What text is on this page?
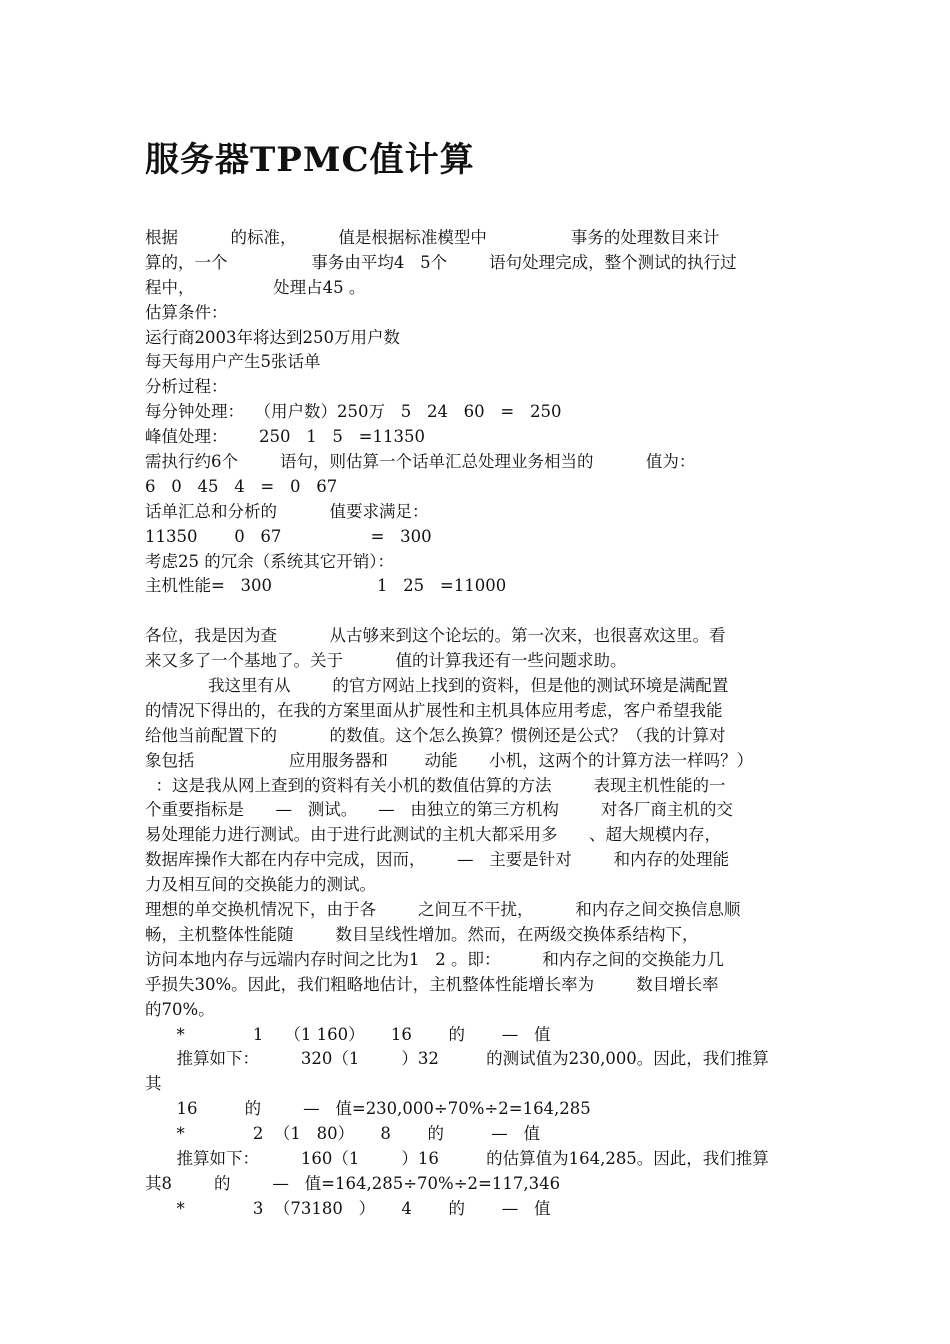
服务器TPMC值计算
根据          的标准，        值是根据标准模型中                事务的处理数目来计
算的，一个                事务由平均4   5个        语句处理完成，整个测试的执行过
程中，               处理占45 。
估算条件：
运行商2003年将达到250万用户数
每天每用户产生5张话单
分析过程：
每分钟处理：  （用户数）250万   5   24   60   =   250
峰值处理：      250   1   5   =11350
需执行约6个        语句，则估算一个话单汇总处理业务相当的          值为：
6   0   45   4   =   0   67
话单汇总和分析的          值要求满足：
11350       0   67                 =   300
考虑25 的冗余（系统其它开销）：
主机性能=   300                    1   25   =11000
各位，我是因为查          从古够来到这个论坛的。第一次来，也很喜欢这里。看
来又多了一个基地了。关于          值的计算我还有一些问题求助。
我这里有从        的官方网站上找到的资料，但是他的测试环境是满配置
的情况下得出的，在我的方案里面从扩展性和主机具体应用考虑，客户希望我能
给他当前配置下的          的数值。这个怎么换算？惯例还是公式？（我的计算对
象包括                  应用服务器和       动能      小机，这两个的计算方法一样吗？）
：这是我从网上查到的资料有关小机的数值估算的方法        表现主机性能的一
个重要指标是      —   测试。    —   由独立的第三方机构        对各厂商主机的交
易处理能力进行测试。由于进行此测试的主机大都采用多      、超大规模内存，
数据库操作大都在内存中完成，因而，      —   主要是针对        和内存的处理能
力及相互间的交换能力的测试。
理想的单交换机情况下，由于各        之间互不干扰，        和内存之间交换信息顺
畅，主机整体性能随        数目呈线性增加。然而，在两级交换体系结构下，
访问本地内存与远端内存时间之比为1   2 。即：        和内存之间的交换能力几
乎损失30%。因此，我们粗略地估计，主机整体性能增长率为        数目增长率
的70%。
*             1    （1 160）     16       的       —   值
推算如下：        320（1        ）32         的测试值为230,000。因此，我们推算
其
16         的        —   值=230,000÷70%÷2=164,285
*             2  （1   80）     8       的         —   值
推算如下：        160（1        ）16         的估算值为164,285。因此，我们推算
其8        的        —   值=164,285÷70%÷2=117,346
*             3  （73180   ）     4       的       —   值
